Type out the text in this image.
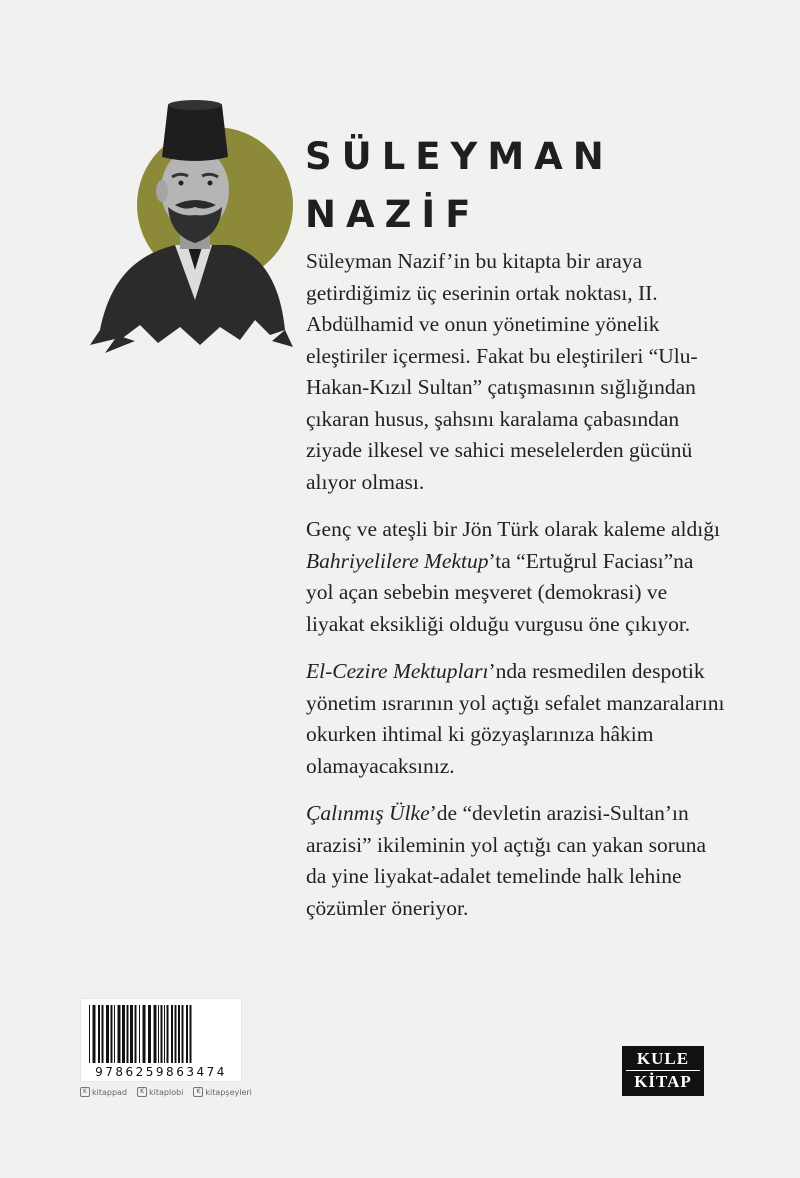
SÜLEYMAN
NAZİF

Süleyman Nazif’in bu kitapta bir araya getirdiğimiz üç eserinin ortak noktası, II. Abdülhamid ve onun yönetimine yönelik eleştiriler içermesi. Fakat bu eleştirileri “Ulu-Hakan-Kızıl Sultan” çatışmasının sığlığından çıkaran husus, şahsını karalama çabasından ziyade ilkesel ve sahici meselelerden gücünü alıyor olması.

Genç ve ateşli bir Jön Türk olarak kaleme aldığı Bahriyelilere Mektup’ta “Ertuğrul Faciası”na yol açan sebebin meşveret (demokrasi) ve liyakat eksikliği olduğu vurgusu öne çıkıyor.

El-Cezire Mektupları’nda resmedilen despotik yönetim ısrarının yol açtığı sefalet manzaralarını okurken ihtimal ki gözyaşlarınıza hâkim olamayacaksınız.

Çalınmış Ülke’de “devletin arazisi-Sultan’ın arazisi” ikileminin yol açtığı can yakan soruna da yine liyakat-adalet temelinde halk lehine çözümler öneriyor.

9786259863474
K kitappad	K kitaplobi	K kitapşeyleri
KULE
KİTAP
